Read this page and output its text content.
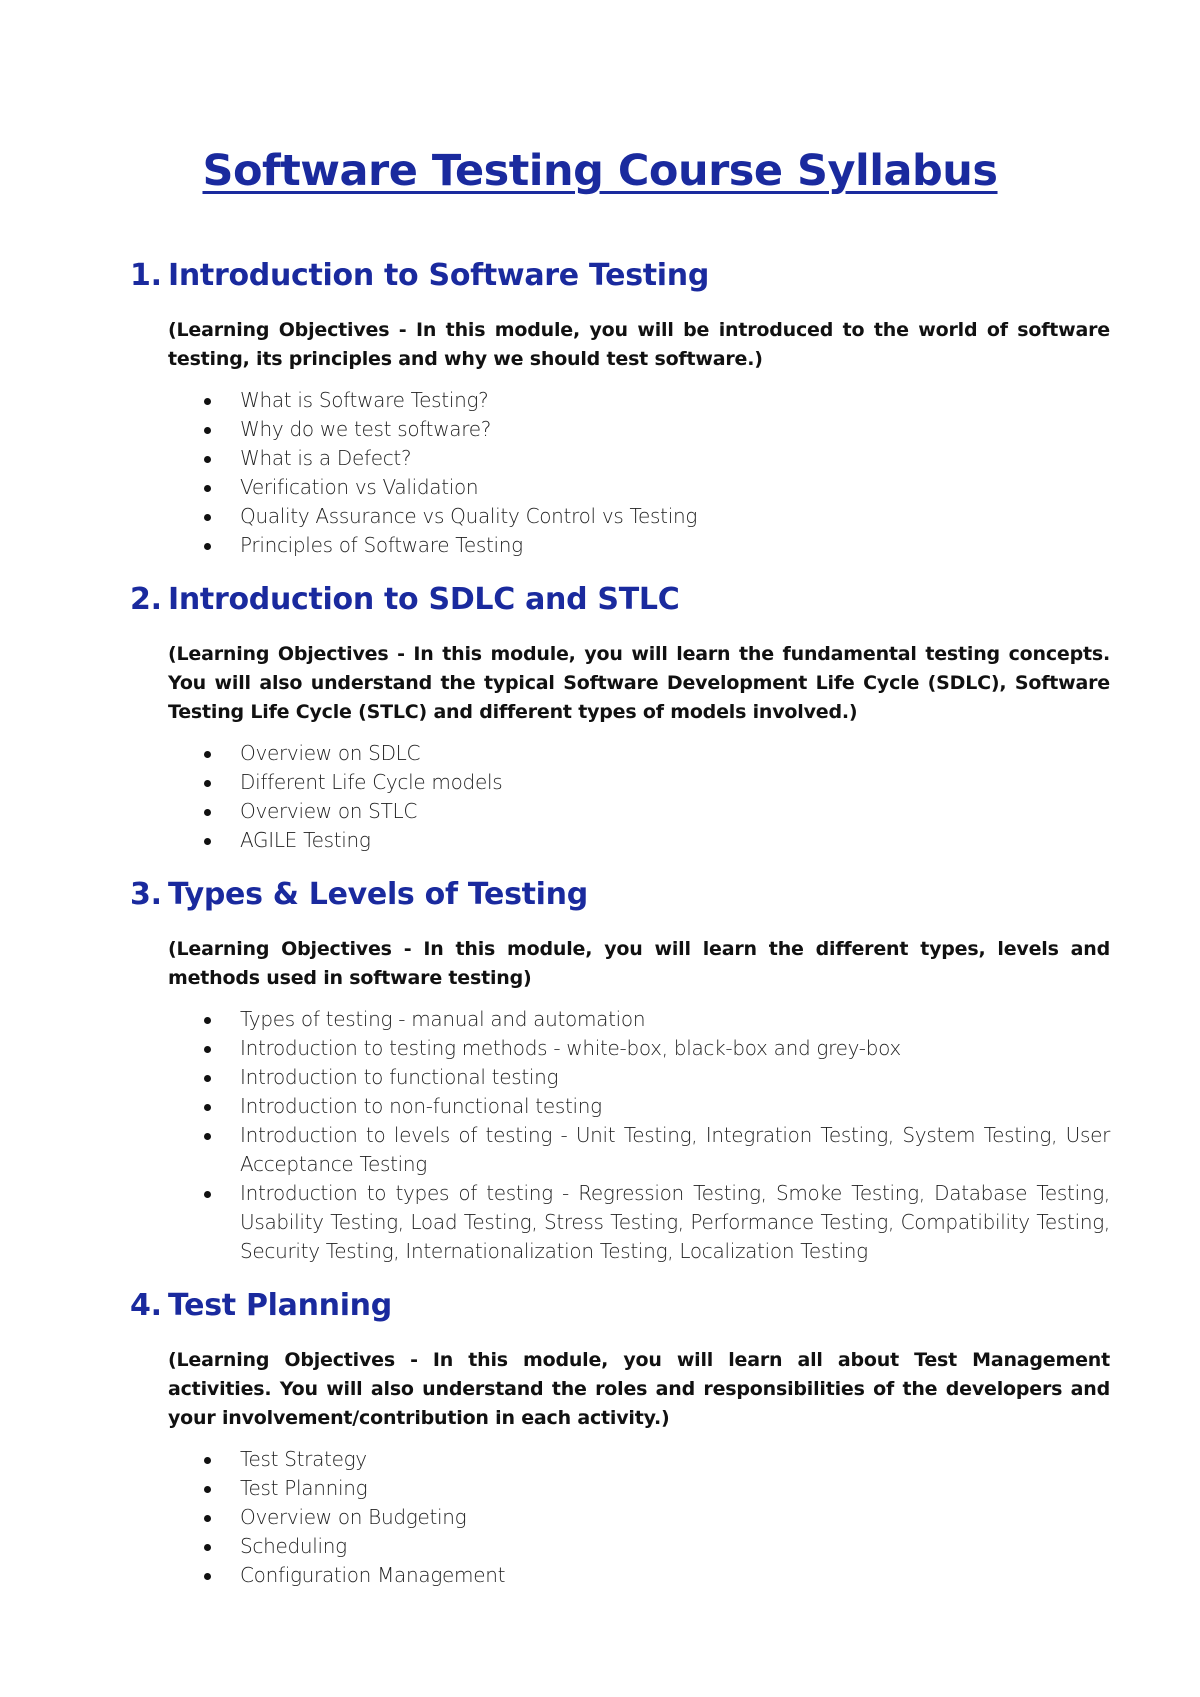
Software Testing Course Syllabus
1. Introduction to Software Testing

(Learning Objectives - In this module, you will be introduced to the world of software testing, its principles and why we should test software.)

What is Software Testing?
Why do we test software?
What is a Defect?
Verification vs Validation
Quality Assurance vs Quality Control vs Testing
Principles of Software Testing
2. Introduction to SDLC and STLC

(Learning Objectives - In this module, you will learn the fundamental testing concepts. You will also understand the typical Software Development Life Cycle (SDLC), Software Testing Life Cycle (STLC) and different types of models involved.)

Overview on SDLC
Different Life Cycle models
Overview on STLC
AGILE Testing
3. Types & Levels of Testing

(Learning Objectives - In this module, you will learn the different types, levels and methods used in software testing)

Types of testing - manual and automation
Introduction to testing methods - white-box, black-box and grey-box
Introduction to functional testing
Introduction to non-functional testing
Introduction to levels of testing - Unit Testing, Integration Testing, System Testing, User Acceptance Testing
Introduction to types of testing - Regression Testing, Smoke Testing, Database Testing, Usability Testing, Load Testing, Stress Testing, Performance Testing, Compatibility Testing, Security Testing, Internationalization Testing, Localization Testing
4. Test Planning

(Learning Objectives - In this module, you will learn all about Test Management activities. You will also understand the roles and responsibilities of the developers and your involvement/contribution in each activity.)

Test Strategy
Test Planning
Overview on Budgeting
Scheduling
Configuration Management
